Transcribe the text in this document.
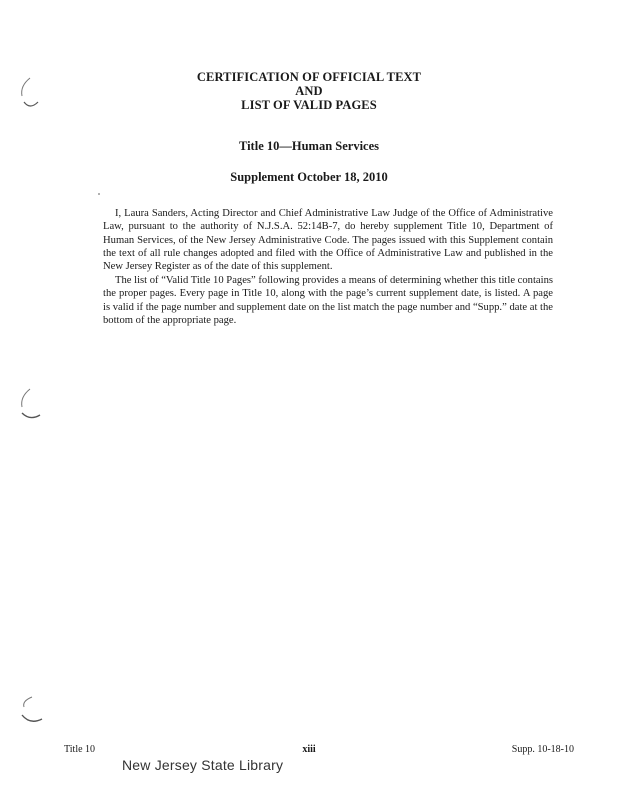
CERTIFICATION OF OFFICIAL TEXT
AND
LIST OF VALID PAGES
Title 10—Human Services
Supplement October 18, 2010

I, Laura Sanders, Acting Director and Chief Administrative Law Judge of the Office of Administrative Law, pursuant to the authority of N.J.S.A. 52:14B-7, do hereby supplement Title 10, Department of Human Services, of the New Jersey Administrative Code. The pages issued with this Supplement contain the text of all rule changes adopted and filed with the Office of Administrative Law and published in the New Jersey Register as of the date of this supplement.

The list of “Valid Title 10 Pages” following provides a means of determining whether this title contains the proper pages. Every page in Title 10, along with the page’s current supplement date, is listed. A page is valid if the page number and supplement date on the list match the page number and “Supp.” date at the bottom of the appropriate page.

Title 10	xiii	Supp. 10-18-10
New Jersey State Library
